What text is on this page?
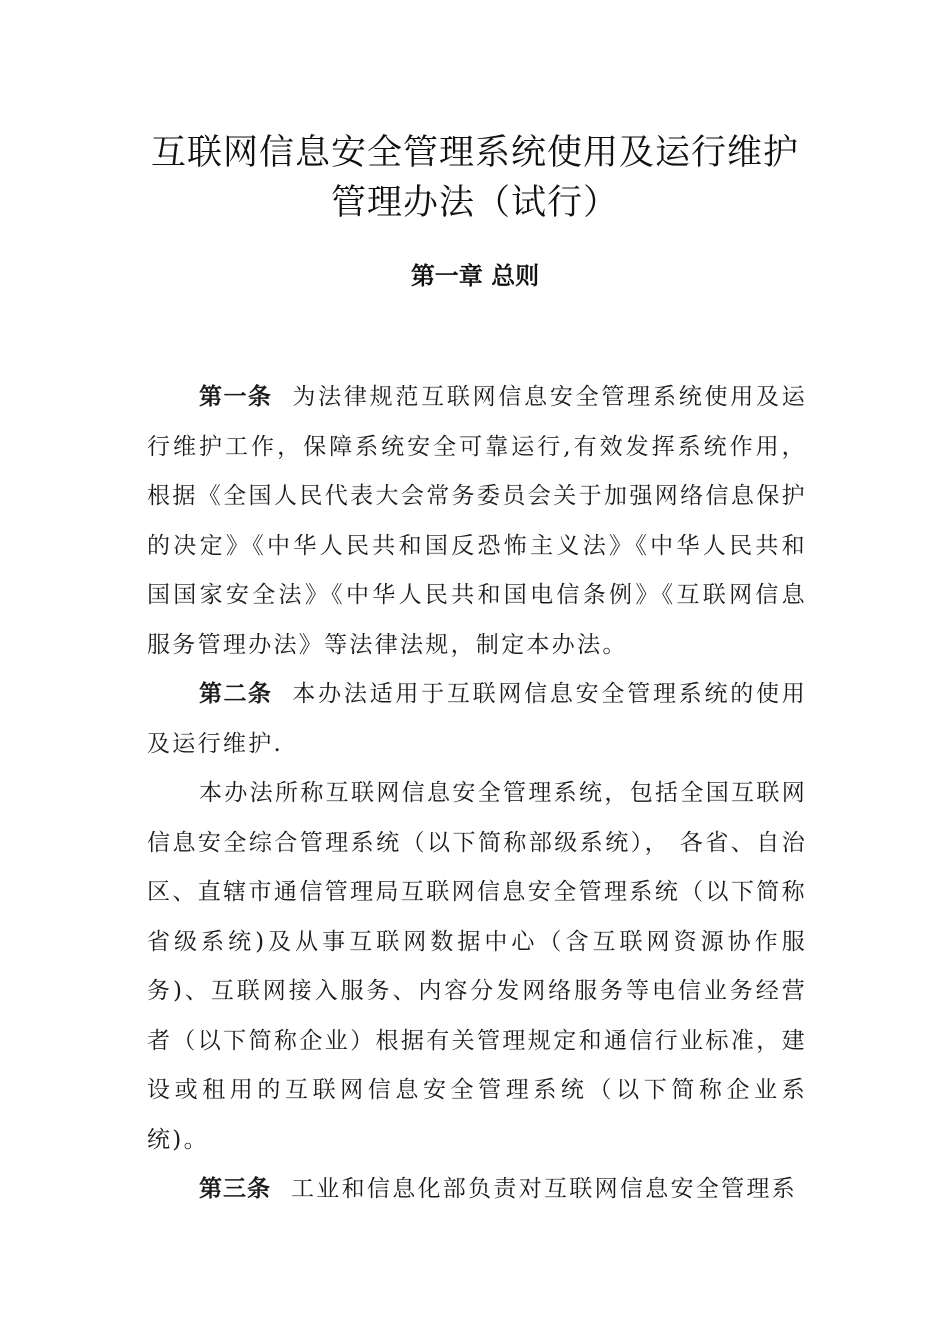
互联网信息安全管理系统使用及运行维护
管理办法（试行）
第一章 总则

第一条 为法律规范互联网信息安全管理系统使用及运行维护工作，保障系统安全可靠运行,有效发挥系统作用，根据《全国人民代表大会常务委员会关于加强网络信息保护的决定》《中华人民共和国反恐怖主义法》《中华人民共和国国家安全法》《中华人民共和国电信条例》《互联网信息服务管理办法》等法律法规，制定本办法。

第二条 本办法适用于互联网信息安全管理系统的使用及运行维护.

本办法所称互联网信息安全管理系统，包括全国互联网信息安全综合管理系统（以下简称部级系统）， 各省、自治区、直辖市通信管理局互联网信息安全管理系统（以下简称省级系统)及从事互联网数据中心（含互联网资源协作服务)、互联网接入服务、内容分发网络服务等电信业务经营者（以下简称企业）根据有关管理规定和通信行业标准，建设或租用的互联网信息安全管理系统（以下简称企业系统)。

第三条 工业和信息化部负责对互联网信息安全管理系
